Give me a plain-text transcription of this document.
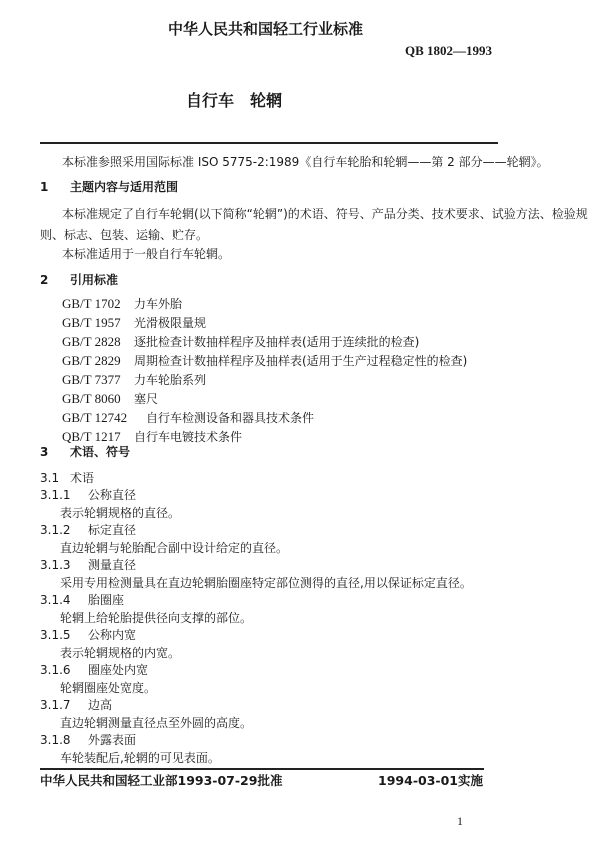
中华人民共和国轻工行业标准
QB 1802—1993
自行车　轮辋
本标准参照采用国际标准 ISO 5775-2:1989《自行车轮胎和轮辋——第 2 部分——轮辋》。
1 主题内容与适用范围
本标准规定了自行车轮辋(以下简称“轮辋”)的术语、符号、产品分类、技术要求、试验方法、检验规
则、标志、包装、运输、贮存。
本标准适用于一般自行车轮辋。
2 引用标准
GB/T 1702 力车外胎
GB/T 1957 光滑极限量规
GB/T 2828 逐批检查计数抽样程序及抽样表(适用于连续批的检查)
GB/T 2829 周期检查计数抽样程序及抽样表(适用于生产过程稳定性的检查)
GB/T 7377 力车轮胎系列
GB/T 8060 塞尺
GB/T 12742 自行车检测设备和器具技术条件
QB/T 1217 自行车电镀技术条件
3 术语、符号
3.1 术语
3.1.1 公称直径
表示轮辋规格的直径。
3.1.2 标定直径
直边轮辋与轮胎配合副中设计给定的直径。
3.1.3 测量直径
采用专用检测量具在直边轮辋胎圈座特定部位测得的直径,用以保证标定直径。
3.1.4 胎圈座
轮辋上给轮胎提供径向支撑的部位。
3.1.5 公称内宽
表示轮辋规格的内宽。
3.1.6 圈座处内宽
轮辋圈座处宽度。
3.1.7 边高
直边轮辋测量直径点至外圆的高度。
3.1.8 外露表面
车轮装配后,轮辋的可见表面。
中华人民共和国轻工业部1993-07-29批准	1994-03-01实施
1
